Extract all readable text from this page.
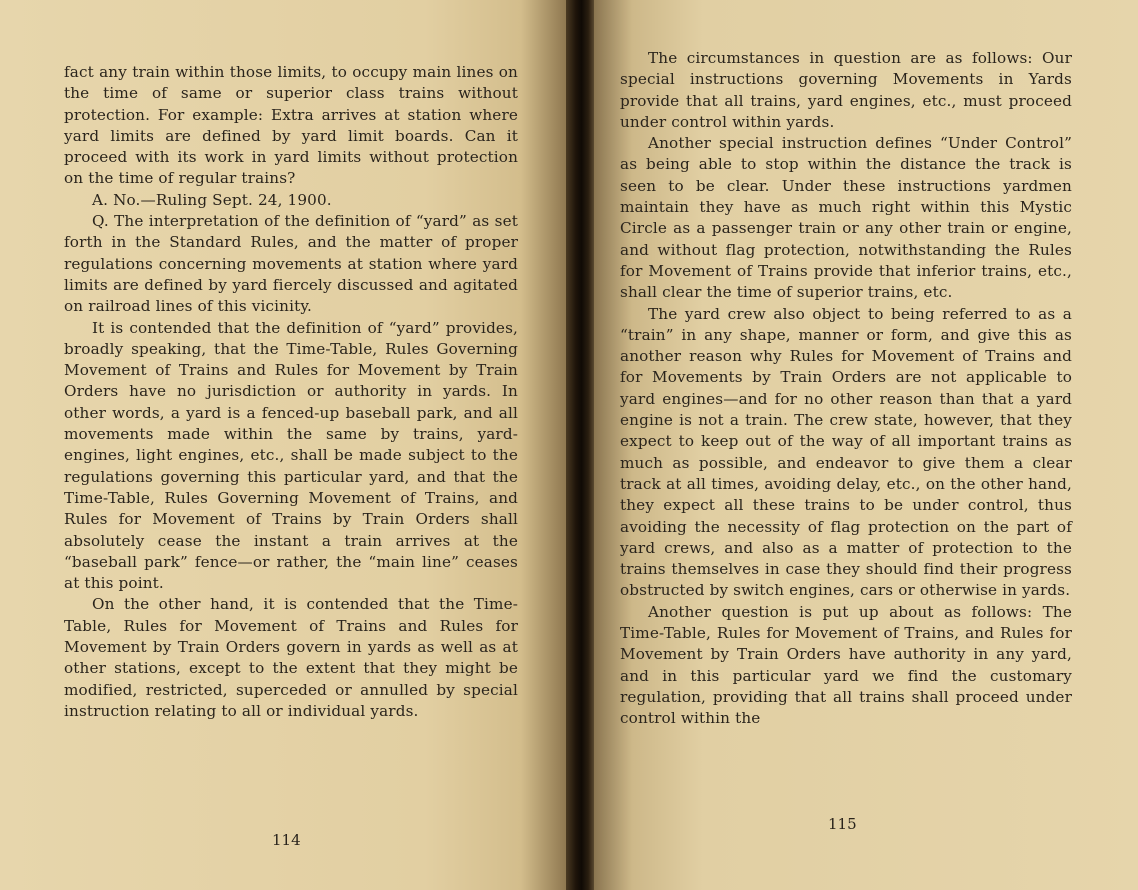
fact any train within those limits, to occupy main lines on the time of same or superior class trains without protection. For example: Extra arrives at station where yard limits are defined by yard limit boards. Can it proceed with its work in yard limits without protection on the time of regular trains?

A. No.—Ruling Sept. 24, 1900.

Q. The interpretation of the definition of “yard” as set forth in the Standard Rules, and the matter of proper regulations concerning movements at station where yard limits are defined by yard fiercely discussed and agitated on railroad lines of this vicinity.

It is contended that the definition of “yard” provides, broadly speaking, that the Time-Table, Rules Governing Movement of Trains and Rules for Movement by Train Orders have no jurisdiction or authority in yards. In other words, a yard is a fenced-up baseball park, and all movements made within the same by trains, yard-engines, light engines, etc., shall be made subject to the regulations governing this particular yard, and that the Time-Table, Rules Governing Movement of Trains, and Rules for Movement of Trains by Train Orders shall absolutely cease the instant a train arrives at the “baseball park” fence—or rather, the “main line” ceases at this point.

On the other hand, it is contended that the Time-Table, Rules for Movement of Trains and Rules for Movement by Train Orders govern in yards as well as at other stations, except to the extent that they might be modified, restricted, superceded or annulled by special instruction relating to all or individual yards.

114

The circumstances in question are as follows: Our special instructions governing Movements in Yards provide that all trains, yard engines, etc., must proceed under control within yards.

Another special instruction defines “Under Control” as being able to stop within the distance the track is seen to be clear. Under these instructions yardmen maintain they have as much right within this Mystic Circle as a passenger train or any other train or engine, and without flag protection, notwithstanding the Rules for Movement of Trains provide that inferior trains, etc., shall clear the time of superior trains, etc.

The yard crew also object to being referred to as a “train” in any shape, manner or form, and give this as another reason why Rules for Movement of Trains and for Movements by Train Orders are not applicable to yard engines—and for no other reason than that a yard engine is not a train. The crew state, however, that they expect to keep out of the way of all important trains as much as possible, and endeavor to give them a clear track at all times, avoiding delay, etc., on the other hand, they expect all these trains to be under control, thus avoiding the necessity of flag protection on the part of yard crews, and also as a matter of protection to the trains themselves in case they should find their progress obstructed by switch engines, cars or otherwise in yards.

Another question is put up about as follows: The Time-Table, Rules for Movement of Trains, and Rules for Movement by Train Orders have authority in any yard, and in this particular yard we find the customary regulation, providing that all trains shall proceed under control within the

115
